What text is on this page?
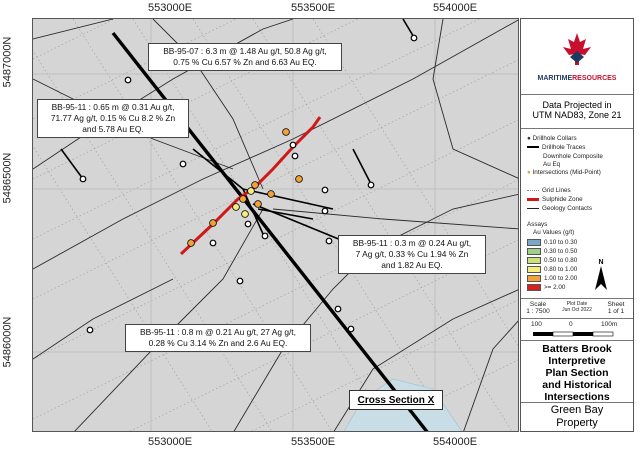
553000E	553500E	554000E
553000E	553500E	554000E
5487000N
5486500N
5486000N
BB-95-07 : 6.3 m @ 1.48 Au g/t, 50.8 Ag g/t,
0.75 % Cu 6.57 % Zn and 6.63 Au EQ.
BB-95-11 : 0.65 m @ 0.31 Au g/t,
71.77 Ag g/t, 0.15 % Cu 8.2 % Zn
and 5.78 Au EQ.
BB-95-11 : 0.3 m @ 0.24 Au g/t,
7 Ag g/t, 0.33 % Cu 1.94 % Zn
and 1.82 Au EQ.
BB-95-11 : 0.8 m @ 0.21 Au g/t, 27 Ag g/t,
0.28 % Cu 3.14 % Zn and 2.6 Au EQ.
Cross Section X
MARITIMERESOURCES
Data Projected in
UTM NAD83, Zone 21
● Drillhole Collars
Drillhole Traces
Downhole Composite
Au Eq
● Intersections (Mid-Point)
Grid Lines
Sulphide Zone
Geology Contacts
Assays
Au Values (g/t)
0.10 to 0.30
0.30 to 0.50
0.50 to 0.80
0.80 to 1.00
1.00 to 2.00
>= 2.00
N
Scale
1 : 7500
Plot Date
Jun Oct 2022
Sheet
1 of 1
100	0	100m
Batters Brook
Interpretive
Plan Section
and Historical
Intersections
Green Bay
Property
